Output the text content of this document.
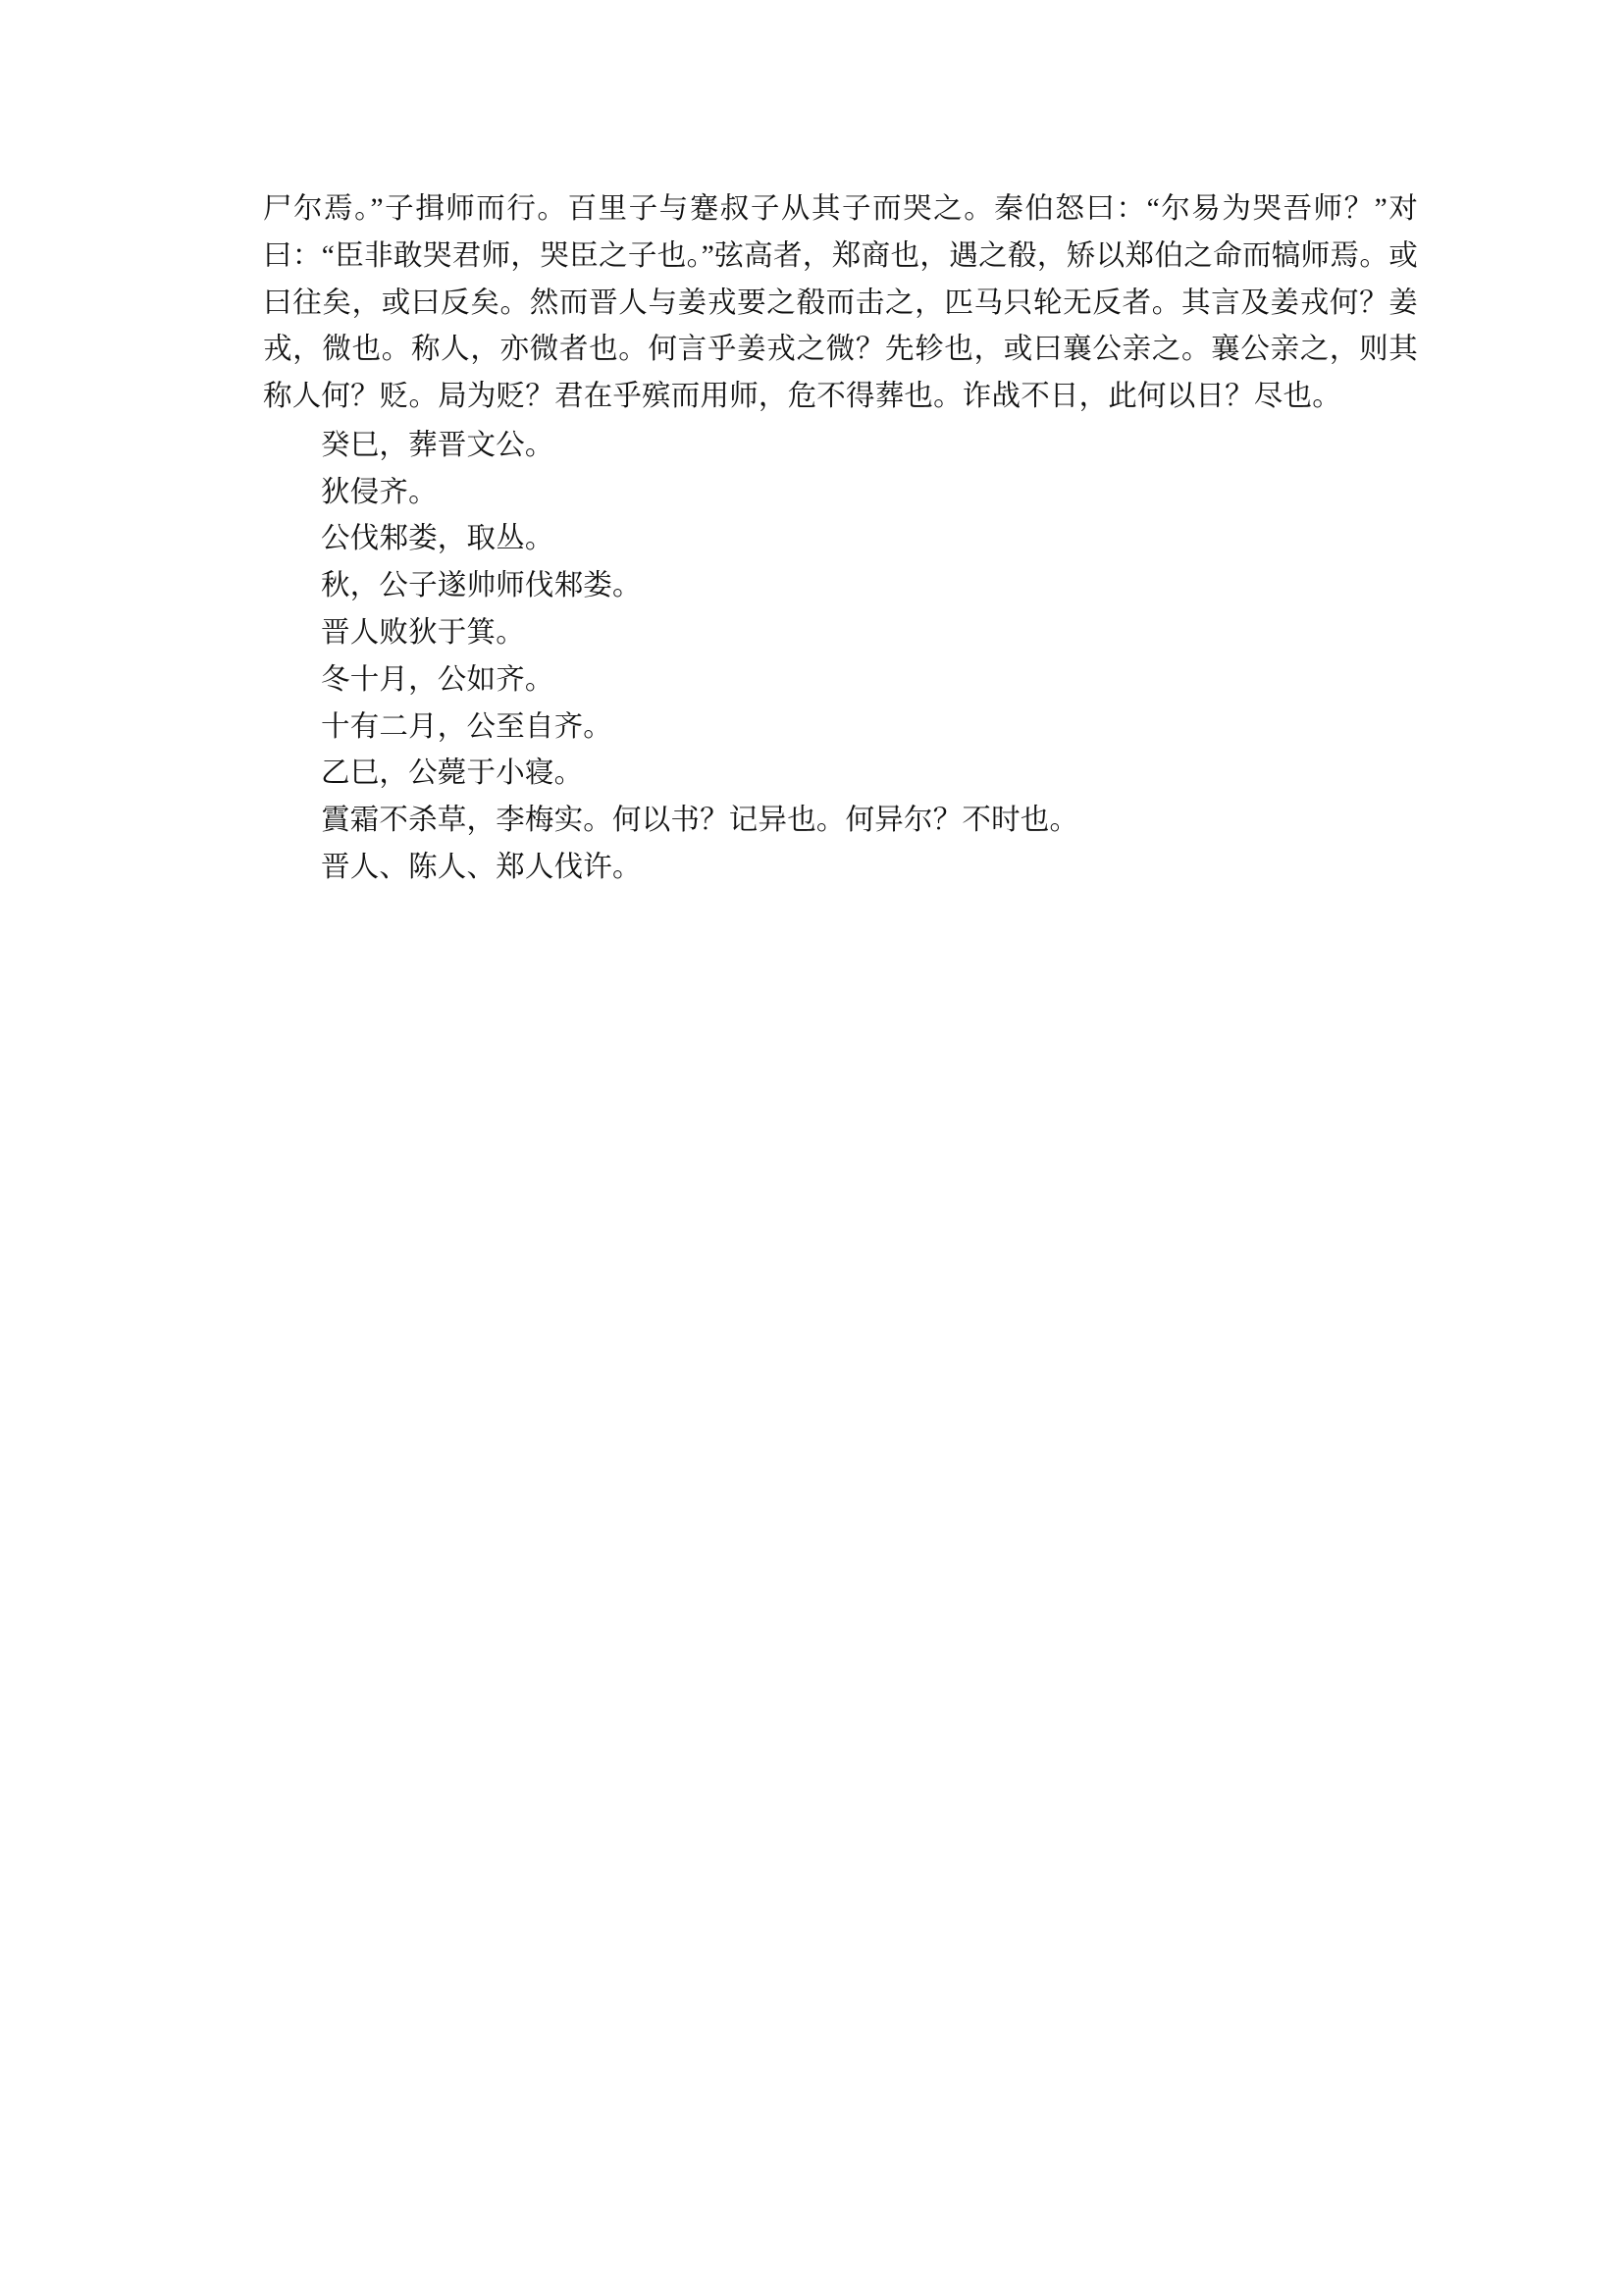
尸尔焉。”子揖师而行。百里子与蹇叔子从其子而哭之。秦伯怒曰：“尔易为哭吾师？”对曰：“臣非敢哭君师，哭臣之子也。”弦高者，郑商也，遇之殽，矫以郑伯之命而犒师焉。或曰往矣，或曰反矣。然而晋人与姜戎要之殽而击之，匹马只轮无反者。其言及姜戎何？姜戎，微也。称人，亦微者也。何言乎姜戎之微？先轸也，或曰襄公亲之。襄公亲之，则其称人何？贬。局为贬？君在乎殡而用师，危不得葬也。诈战不日，此何以日？尽也。

癸巳，葬晋文公。

狄侵齐。

公伐邾娄，取丛。

秋，公子遂帅师伐邾娄。

晋人败狄于箕。

冬十月，公如齐。

十有二月，公至自齐。

乙巳，公薨于小寝。

霣霜不杀草，李梅实。何以书？记异也。何异尔？不时也。

晋人、陈人、郑人伐许。
